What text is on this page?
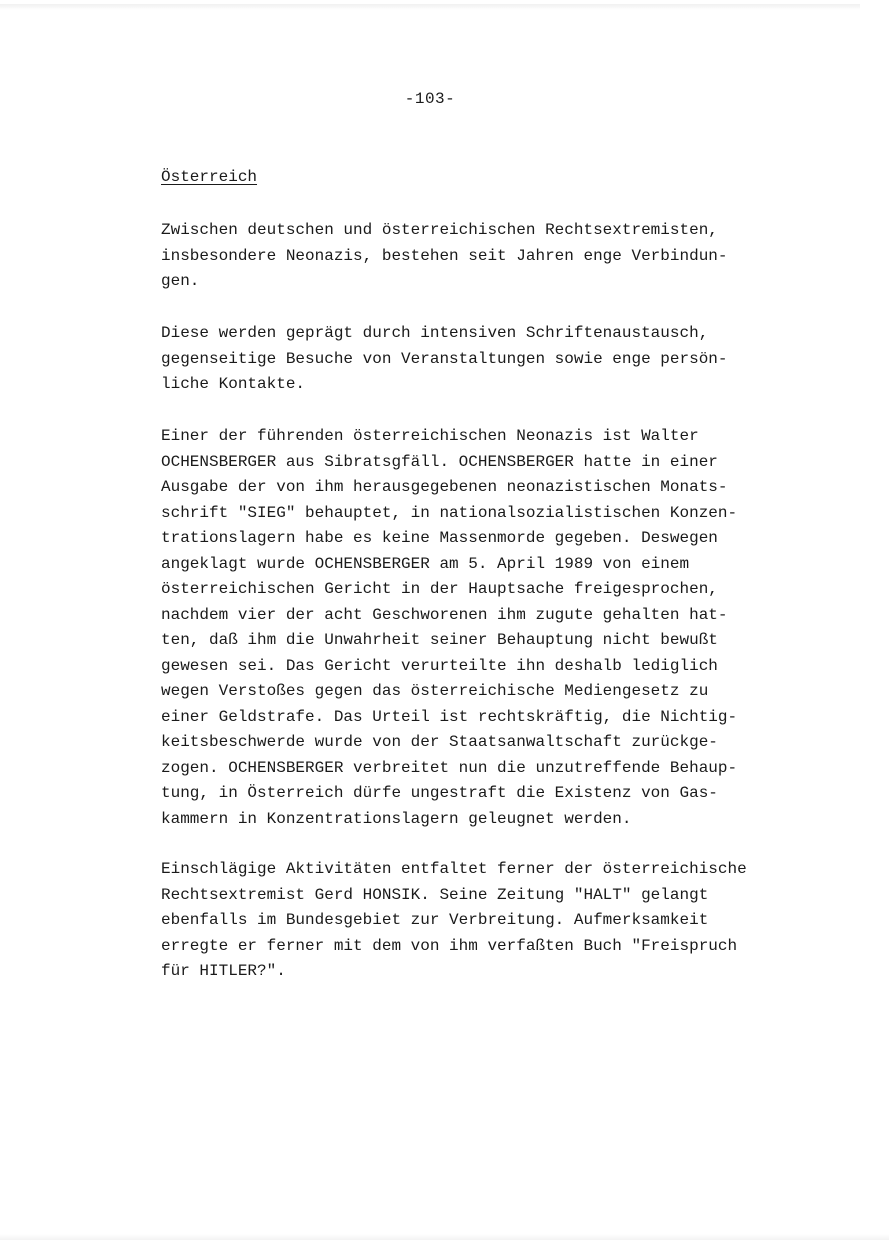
-103-
Österreich
Zwischen deutschen und österreichischen Rechtsextremisten,
insbesondere Neonazis, bestehen seit Jahren enge Verbindun-
gen.
Diese werden geprägt durch intensiven Schriftenaustausch,
gegenseitige Besuche von Veranstaltungen sowie enge persön-
liche Kontakte.
Einer der führenden österreichischen Neonazis ist Walter
OCHENSBERGER aus Sibratsgfäll. OCHENSBERGER hatte in einer
Ausgabe der von ihm herausgegebenen neonazistischen Monats-
schrift "SIEG" behauptet, in nationalsozialistischen Konzen-
trationslagern habe es keine Massenmorde gegeben. Deswegen
angeklagt wurde OCHENSBERGER am 5. April 1989 von einem
österreichischen Gericht in der Hauptsache freigesprochen,
nachdem vier der acht Geschworenen ihm zugute gehalten hat-
ten, daß ihm die Unwahrheit seiner Behauptung nicht bewußt
gewesen sei. Das Gericht verurteilte ihn deshalb lediglich
wegen Verstoßes gegen das österreichische Mediengesetz zu
einer Geldstrafe. Das Urteil ist rechtskräftig, die Nichtig-
keitsbeschwerde wurde von der Staatsanwaltschaft zurückge-
zogen. OCHENSBERGER verbreitet nun die unzutreffende Behaup-
tung, in Österreich dürfe ungestraft die Existenz von Gas-
kammern in Konzentrationslagern geleugnet werden.
Einschlägige Aktivitäten entfaltet ferner der österreichische
Rechtsextremist Gerd HONSIK. Seine Zeitung "HALT" gelangt
ebenfalls im Bundesgebiet zur Verbreitung. Aufmerksamkeit
erregte er ferner mit dem von ihm verfaßten Buch "Freispruch
für HITLER?".
